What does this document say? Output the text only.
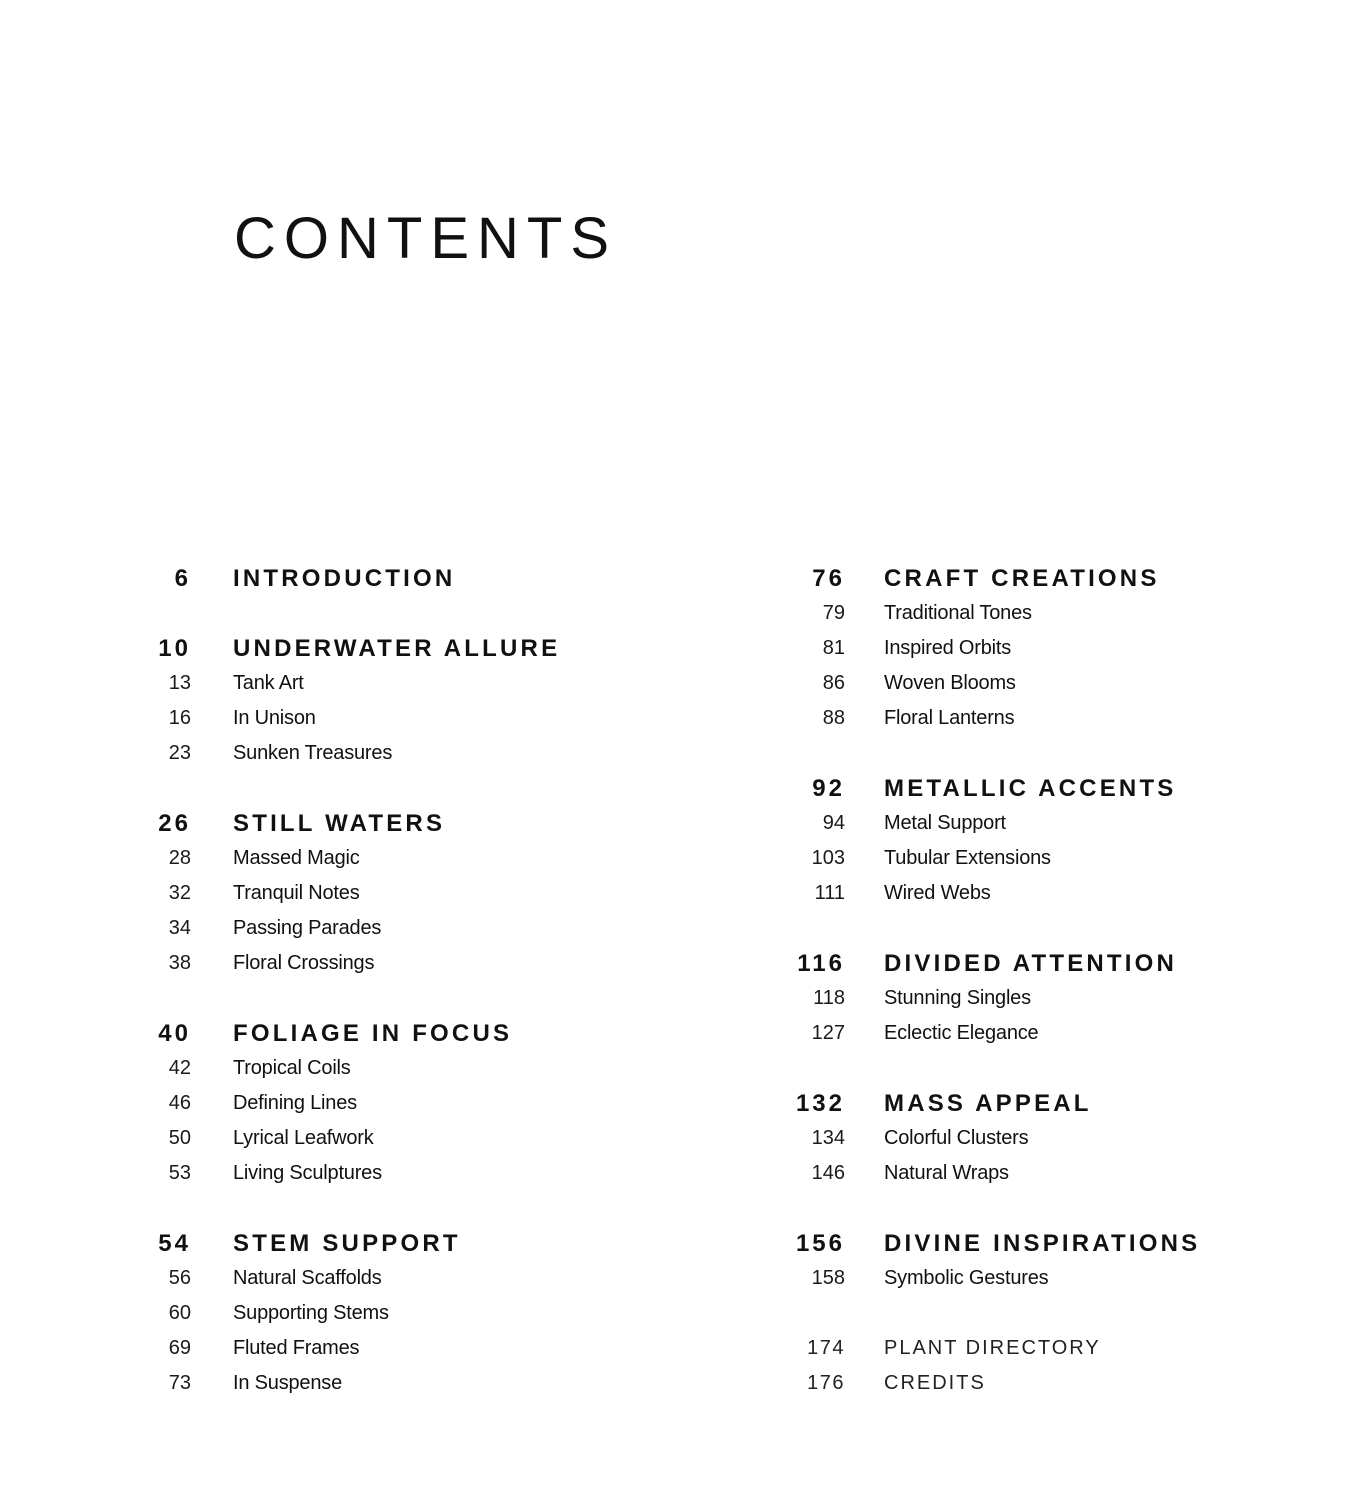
CONTENTS
6 INTRODUCTION
10 UNDERWATER ALLURE
13 Tank Art
16 In Unison
23 Sunken Treasures
26 STILL WATERS
28 Massed Magic
32 Tranquil Notes
34 Passing Parades
38 Floral Crossings
40 FOLIAGE IN FOCUS
42 Tropical Coils
46 Defining Lines
50 Lyrical Leafwork
53 Living Sculptures
54 STEM SUPPORT
56 Natural Scaffolds
60 Supporting Stems
69 Fluted Frames
73 In Suspense
76 CRAFT CREATIONS
79 Traditional Tones
81 Inspired Orbits
86 Woven Blooms
88 Floral Lanterns
92 METALLIC ACCENTS
94 Metal Support
103 Tubular Extensions
111 Wired Webs
116 DIVIDED ATTENTION
118 Stunning Singles
127 Eclectic Elegance
132 MASS APPEAL
134 Colorful Clusters
146 Natural Wraps
156 DIVINE INSPIRATIONS
158 Symbolic Gestures
174 PLANT DIRECTORY
176 CREDITS
